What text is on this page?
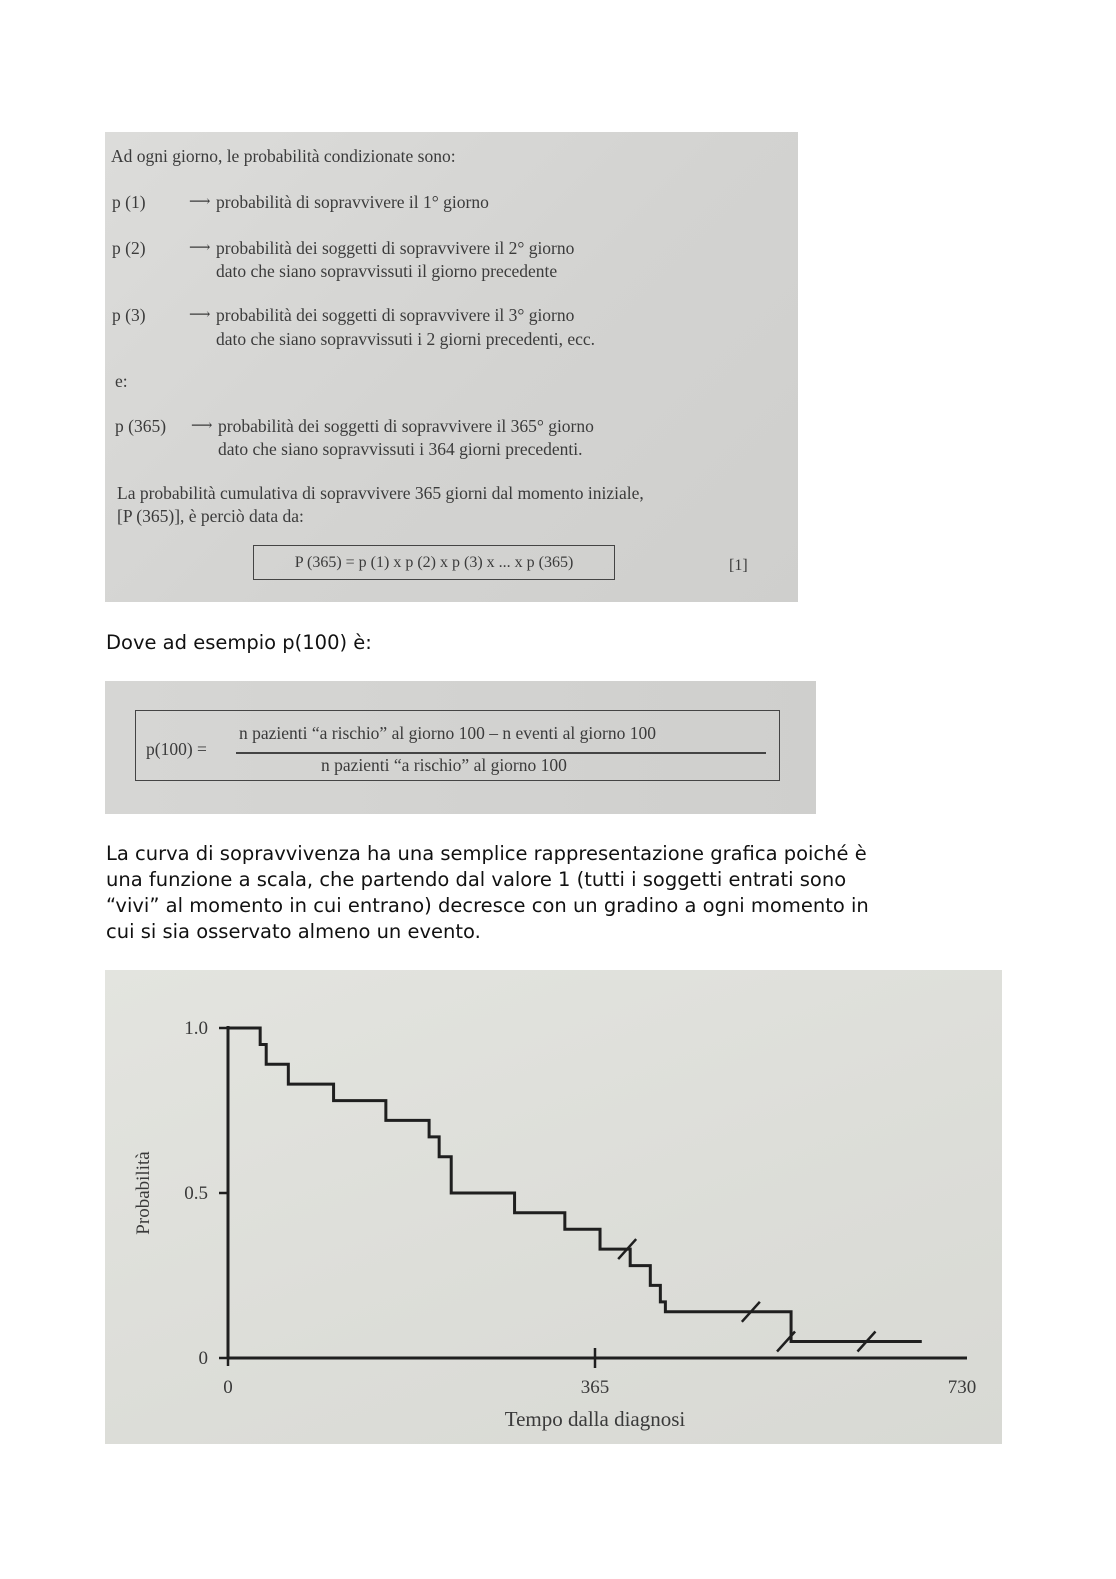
Ad ogni giorno, le probabilità condizionate sono:
p (1)	⟶ probabilità di sopravvivere il 1° giorno
p (2)	⟶ probabilità dei soggetti di sopravvivere il 2° giorno
dato che siano sopravvissuti il giorno precedente
p (3)	⟶ probabilità dei soggetti di sopravvivere il 3° giorno
dato che siano sopravvissuti i 2 giorni precedenti, ecc.
e:
p (365) ⟶ probabilità dei soggetti di sopravvivere il 365° giorno
dato che siano sopravvissuti i 364 giorni precedenti.
La probabilità cumulativa di sopravvivere 365 giorni dal momento iniziale,
[P (365)], è perciò data da:
P (365) = p (1) x p (2) x p (3) x ... x p (365)	[1]
Dove ad esempio p(100) è:
p(100) =
n pazienti “a rischio” al giorno 100 – n eventi al giorno 100
n pazienti “a rischio” al giorno 100
La curva di sopravvivenza ha una semplice rappresentazione grafica poiché è
una funzione a scala, che partendo dal valore 1 (tutti i soggetti entrati sono
“vivi” al momento in cui entrano) decresce con un gradino a ogni momento in
cui si sia osservato almeno un evento.
0
0.5
1.0
0	365	730
Tempo dalla diagnosi
Probabilità
